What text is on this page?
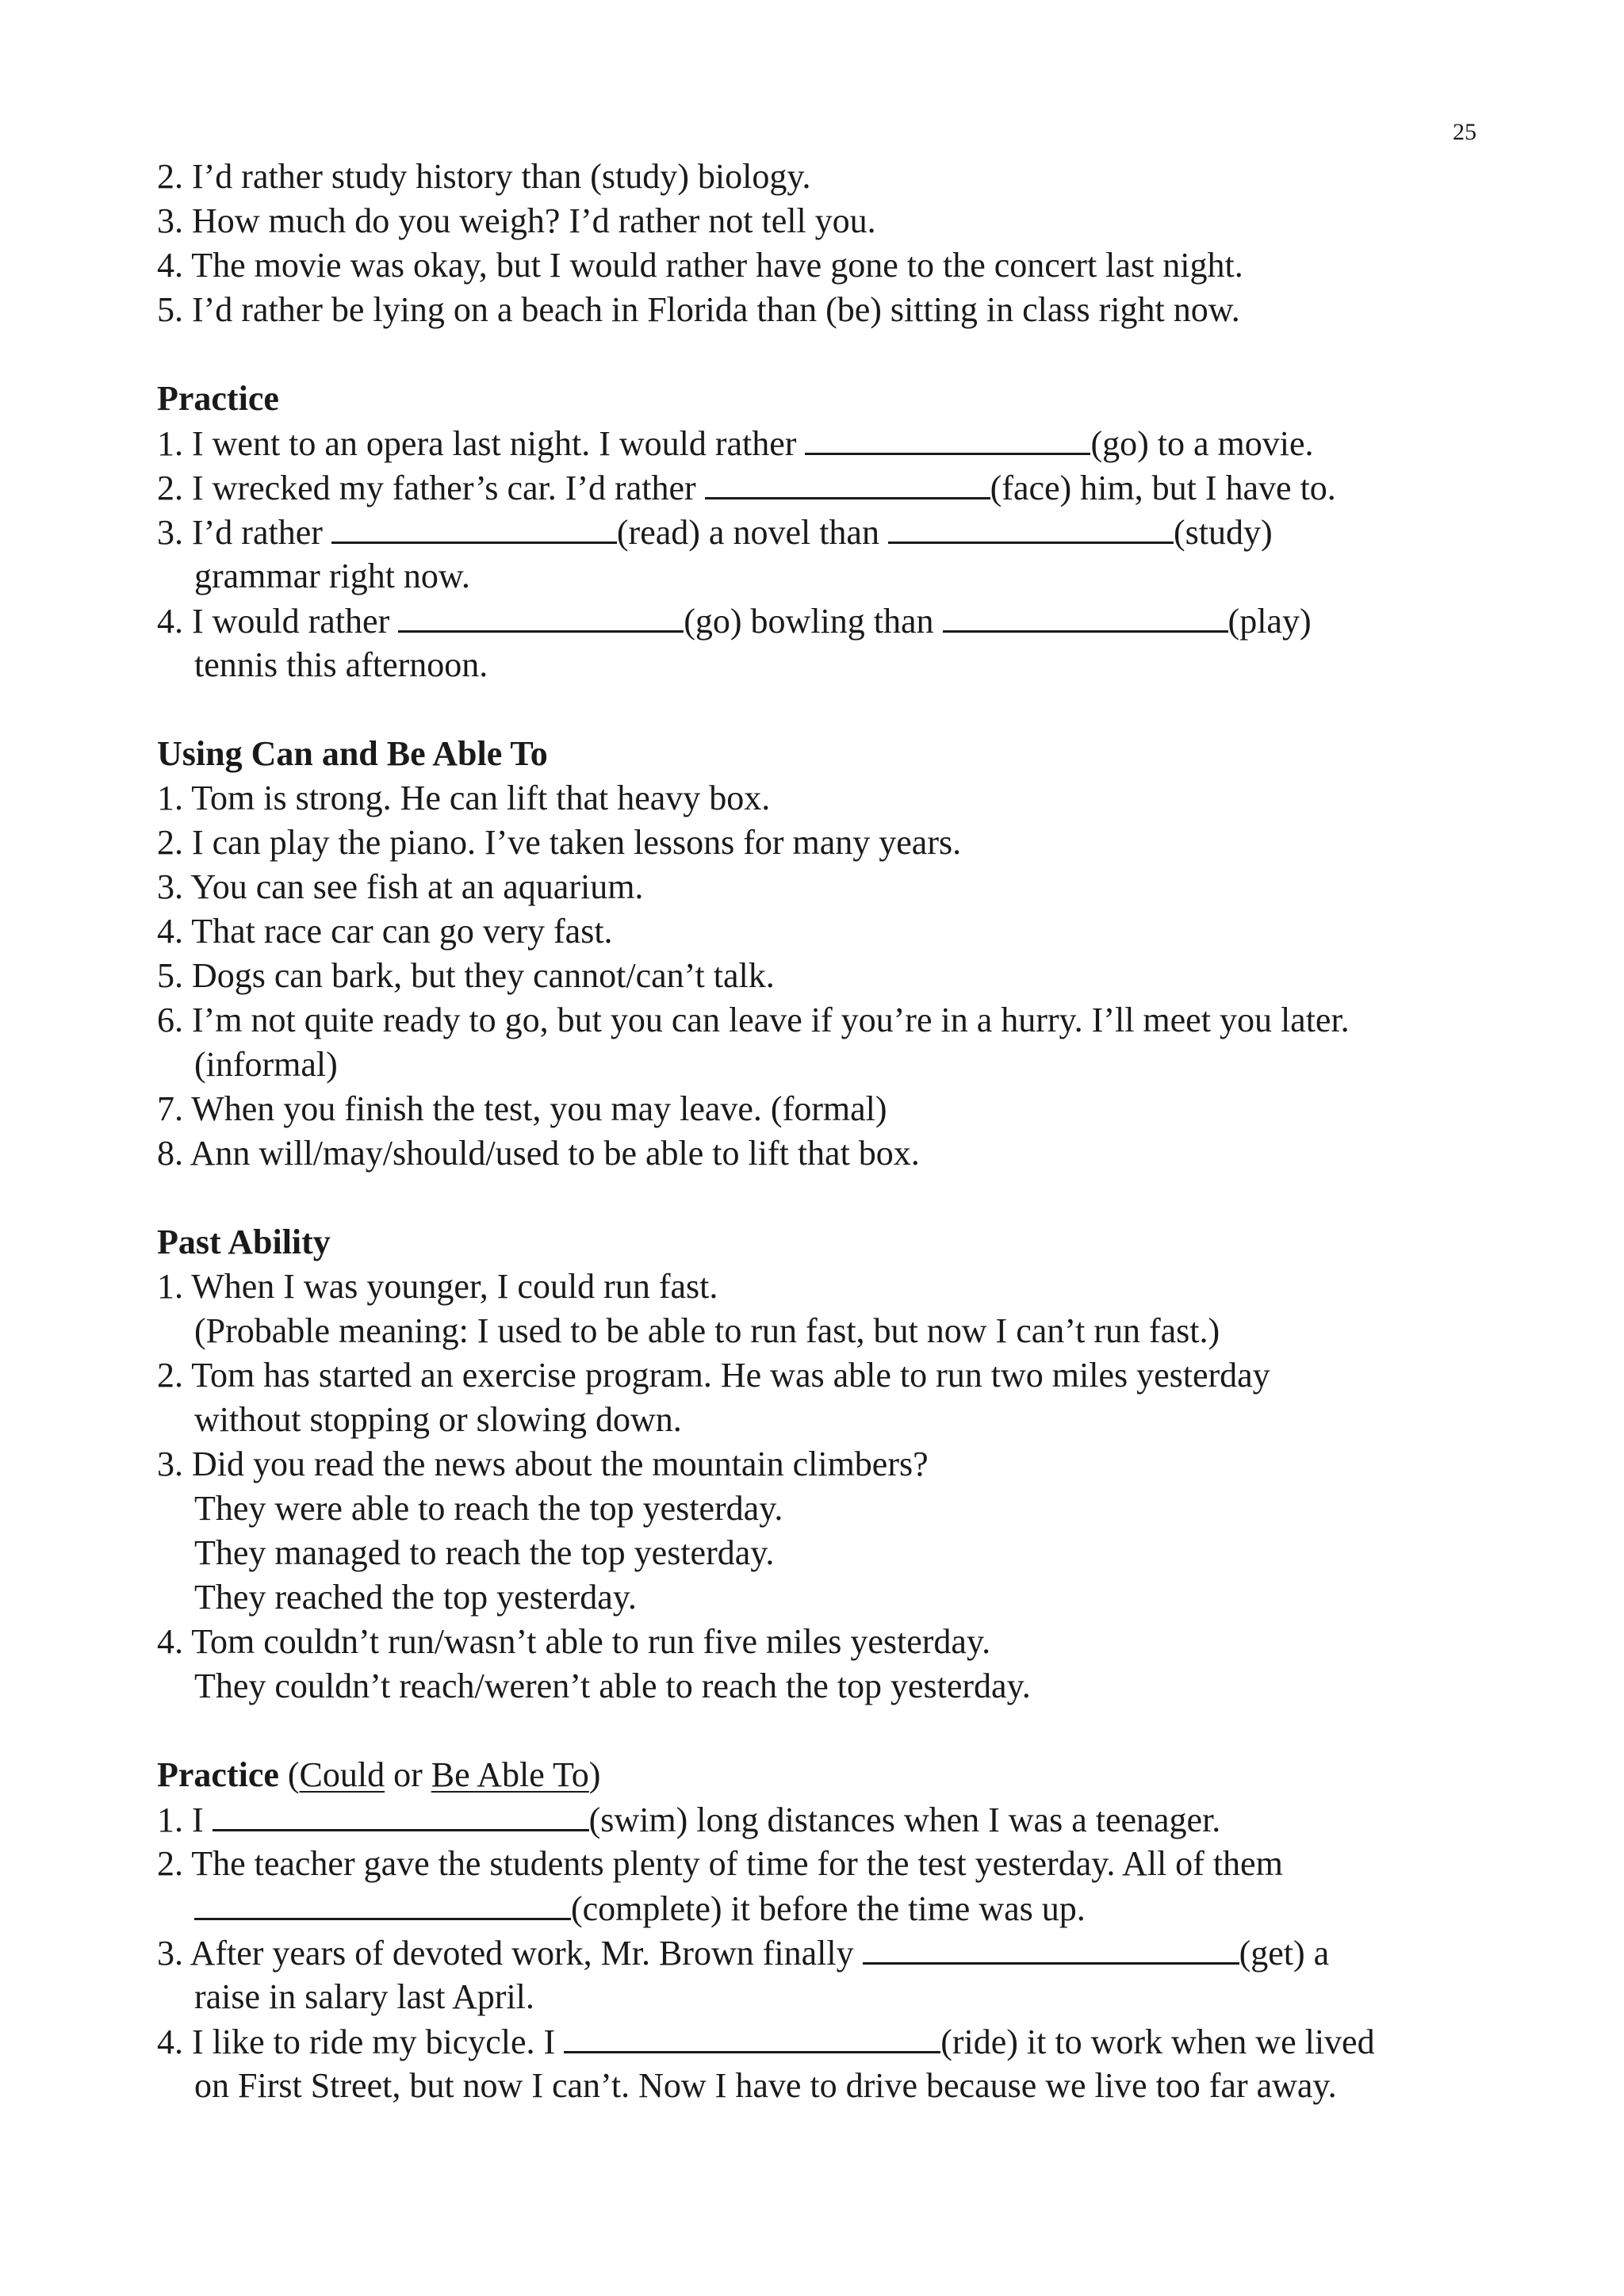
25
2. I’d rather study history than (study) biology.
3. How much do you weigh? I’d rather not tell you.
4. The movie was okay, but I would rather have gone to the concert last night.
5. I’d rather be lying on a beach in Florida than (be) sitting in class right now.
Practice
1. I went to an opera last night. I would rather	(go) to a movie.
2. I wrecked my father’s car. I’d rather	(face) him, but I have to.
3. I’d rather	(read) a novel than	(study)
grammar right now.
4. I would rather	(go) bowling than	(play)
tennis this afternoon.
Using Can and Be Able To
1. Tom is strong. He can lift that heavy box.
2. I can play the piano. I’ve taken lessons for many years.
3. You can see fish at an aquarium.
4. That race car can go very fast.
5. Dogs can bark, but they cannot/can’t talk.
6. I’m not quite ready to go, but you can leave if you’re in a hurry. I’ll meet you later.
(informal)
7. When you finish the test, you may leave. (formal)
8. Ann will/may/should/used to be able to lift that box.
Past Ability
1. When I was younger, I could run fast.
(Probable meaning: I used to be able to run fast, but now I can’t run fast.)
2. Tom has started an exercise program. He was able to run two miles yesterday
without stopping or slowing down.
3. Did you read the news about the mountain climbers?
They were able to reach the top yesterday.
They managed to reach the top yesterday.
They reached the top yesterday.
4. Tom couldn’t run/wasn’t able to run five miles yesterday.
They couldn’t reach/weren’t able to reach the top yesterday.
Practice (Could or Be Able To)
1. I	(swim) long distances when I was a teenager.
2. The teacher gave the students plenty of time for the test yesterday. All of them
(complete) it before the time was up.
3. After years of devoted work, Mr. Brown finally	(get) a
raise in salary last April.
4. I like to ride my bicycle. I	(ride) it to work when we lived
on First Street, but now I can’t. Now I have to drive because we live too far away.
